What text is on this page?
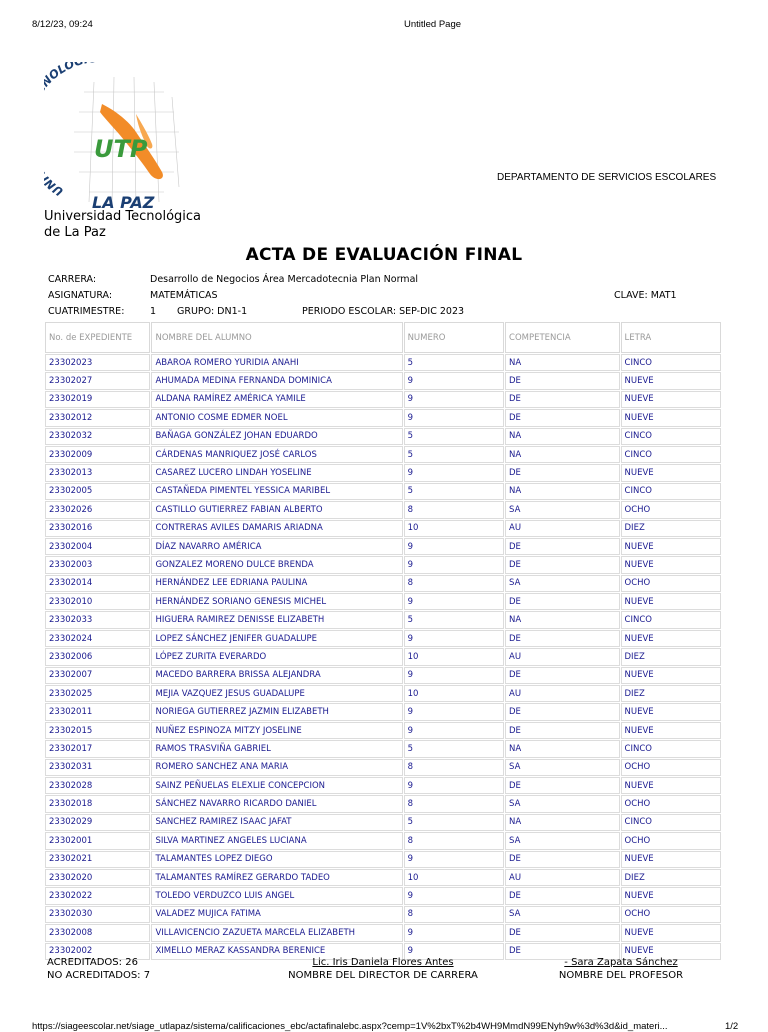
8/12/23, 09:24	Untitled Page
UTP
U OLÓ
LA PAZ
Universidad Tecnológica
de La Paz
DEPARTAMENTO DE SERVICIOS ESCOLARES
ACTA DE EVALUACIÓN FINAL
CARRERA:	Desarrollo de Negocios Área Mercadotecnia Plan Normal
ASIGNATURA:	MATEMÁTICAS	CLAVE: MAT1
CUATRIMESTRE:	1 GRUPO: DN1-1	PERIODO ESCOLAR: SEP-DIC 2023
No. de EXPEDIENTE	NOMBRE DEL ALUMNO	NUMERO	COMPETENCIA	LETRA
23302023	ABAROA ROMERO YURIDIA ANAHI	5	NA	CINCO
23302027	AHUMADA MEDINA FERNANDA DOMINICA	9	DE	NUEVE
23302019	ALDANA RAMÍREZ AMÉRICA YAMILE	9	DE	NUEVE
23302012	ANTONIO COSME EDMER NOEL	9	DE	NUEVE
23302032	BAÑAGA GONZÁLEZ JOHAN EDUARDO	5	NA	CINCO
23302009	CÁRDENAS MANRIQUEZ JOSÉ CARLOS	5	NA	CINCO
23302013	CASAREZ LUCERO LINDAH YOSELINE	9	DE	NUEVE
23302005	CASTAÑEDA PIMENTEL YESSICA MARIBEL	5	NA	CINCO
23302026	CASTILLO GUTIERREZ FABIAN ALBERTO	8	SA	OCHO
23302016	CONTRERAS AVILES DAMARIS ARIADNA	10	AU	DIEZ
23302004	DÍAZ NAVARRO AMÉRICA	9	DE	NUEVE
23302003	GONZALEZ MORENO DULCE BRENDA	9	DE	NUEVE
23302014	HERNÁNDEZ LEE EDRIANA PAULINA	8	SA	OCHO
23302010	HERNÁNDEZ SORIANO GENESIS MICHEL	9	DE	NUEVE
23302033	HIGUERA RAMIREZ DENISSE ELIZABETH	5	NA	CINCO
23302024	LOPEZ SÁNCHEZ JENIFER GUADALUPE	9	DE	NUEVE
23302006	LÓPEZ ZURITA EVERARDO	10	AU	DIEZ
23302007	MACEDO BARRERA BRISSA ALEJANDRA	9	DE	NUEVE
23302025	MEJIA VAZQUEZ JESUS GUADALUPE	10	AU	DIEZ
23302011	NORIEGA GUTIERREZ JAZMIN ELIZABETH	9	DE	NUEVE
23302015	NUÑEZ ESPINOZA MITZY JOSELINE	9	DE	NUEVE
23302017	RAMOS TRASVIÑA GABRIEL	5	NA	CINCO
23302031	ROMERO SANCHEZ ANA MARIA	8	SA	OCHO
23302028	SAINZ PEÑUELAS ELEXLIE CONCEPCION	9	DE	NUEVE
23302018	SÁNCHEZ NAVARRO RICARDO DANIEL	8	SA	OCHO
23302029	SANCHEZ RAMIREZ ISAAC JAFAT	5	NA	CINCO
23302001	SILVA MARTINEZ ANGELES LUCIANA	8	SA	OCHO
23302021	TALAMANTES LOPEZ DIEGO	9	DE	NUEVE
23302020	TALAMANTES RAMÍREZ GERARDO TADEO	10	AU	DIEZ
23302022	TOLEDO VERDUZCO LUIS ANGEL	9	DE	NUEVE
23302030	VALADEZ MUJICA FATIMA	8	SA	OCHO
23302008	VILLAVICENCIO ZAZUETA MARCELA ELIZABETH	9	DE	NUEVE
23302002	XIMELLO MERAZ KASSANDRA BERENICE	9	DE	NUEVE
ACREDITADOS: 26
NO ACREDITADOS: 7
Lic. Iris Daniela Flores Antes
NOMBRE DEL DIRECTOR DE CARRERA
- Sara Zapata Sánchez
NOMBRE DEL PROFESOR
https://siageescolar.net/siage_utlapaz/sistema/calificaciones_ebc/actafinalebc.aspx?cemp=1V%2bxT%2b4WH9MmdN99ENyh9w%3d%3d&id_materi...	1/2
